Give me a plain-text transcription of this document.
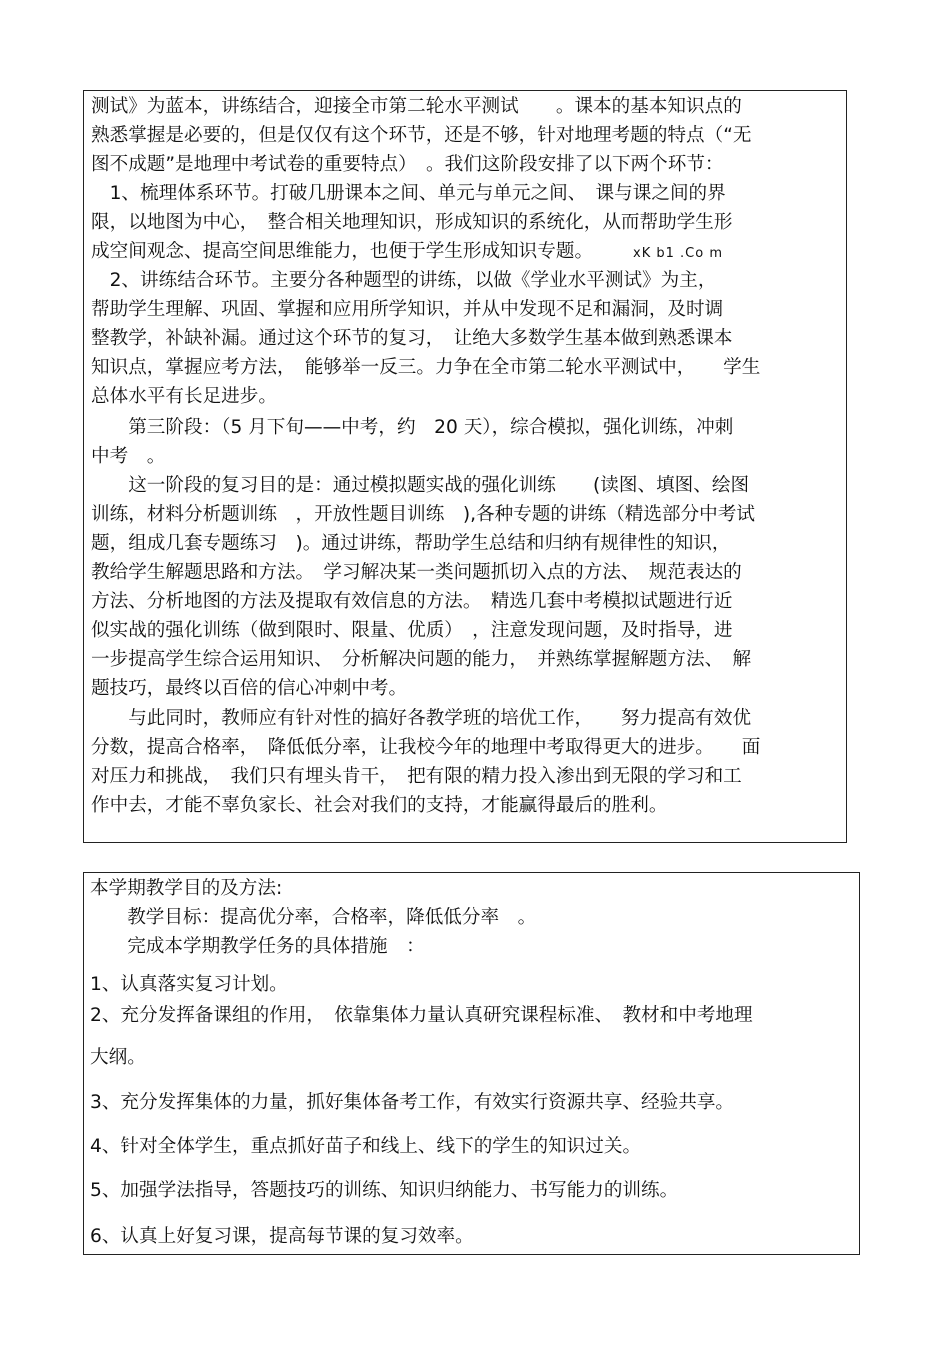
测试》为蓝本，讲练结合，迎接全市第二轮水平测试　　。课本的基本知识点的
熟悉掌握是必要的，但是仅仅有这个环节，还是不够，针对地理考题的特点（“无
图不成题”是地理中考试卷的重要特点）　。我们这阶段安排了以下两个环节：
　1、梳理体系环节。打破几册课本之间、单元与单元之间、　课与课之间的界
限，以地图为中心，　整合相关地理知识，形成知识的系统化，从而帮助学生形
成空间观念、提高空间思维能力，也便于学生形成知识专题。	xK b1 .Co m
　2、讲练结合环节。主要分各种题型的讲练，以做《学业水平测试》为主，
帮助学生理解、巩固、掌握和应用所学知识，并从中发现不足和漏洞，及时调
整教学，补缺补漏。通过这个环节的复习，　让绝大多数学生基本做到熟悉课本
知识点，掌握应考方法，　能够举一反三。力争在全市第二轮水平测试中，　　学生
总体水平有长足进步。
　　第三阶段：（5 月下旬——中考，约　20 天），综合模拟，强化训练，冲刺
中考　。
　　这一阶段的复习目的是：通过模拟题实战的强化训练　　(读图、填图、绘图
训练，材料分析题训练　，开放性题目训练　),各种专题的讲练（精选部分中考试
题，组成几套专题练习　)。通过讲练，帮助学生总结和归纳有规律性的知识，
教给学生解题思路和方法。　学习解决某一类问题抓切入点的方法、　规范表达的
方法、分析地图的方法及提取有效信息的方法。　精选几套中考模拟试题进行近
似实战的强化训练（做到限时、限量、优质）　，注意发现问题，及时指导，进
一步提高学生综合运用知识、　分析解决问题的能力，　并熟练掌握解题方法、　解
题技巧，最终以百倍的信心冲刺中考。
　　与此同时，教师应有针对性的搞好各教学班的培优工作，　　努力提高有效优
分数，提高合格率，　降低低分率，让我校今年的地理中考取得更大的进步。　　面
对压力和挑战，　我们只有埋头肯干，　把有限的精力投入渗出到无限的学习和工
作中去，才能不辜负家长、社会对我们的支持，才能赢得最后的胜利。
本学期教学目的及方法:
　　教学目标：提高优分率，合格率，降低低分率　。
　　完成本学期教学任务的具体措施　：
1、认真落实复习计划。
2、充分发挥备课组的作用，　依靠集体力量认真研究课程标准、　教材和中考地理
大纲。
3、充分发挥集体的力量，抓好集体备考工作，有效实行资源共享、经验共享。
4、针对全体学生，重点抓好苗子和线上、线下的学生的知识过关。
5、加强学法指导，答题技巧的训练、知识归纳能力、书写能力的训练。
6、认真上好复习课，提高每节课的复习效率。
